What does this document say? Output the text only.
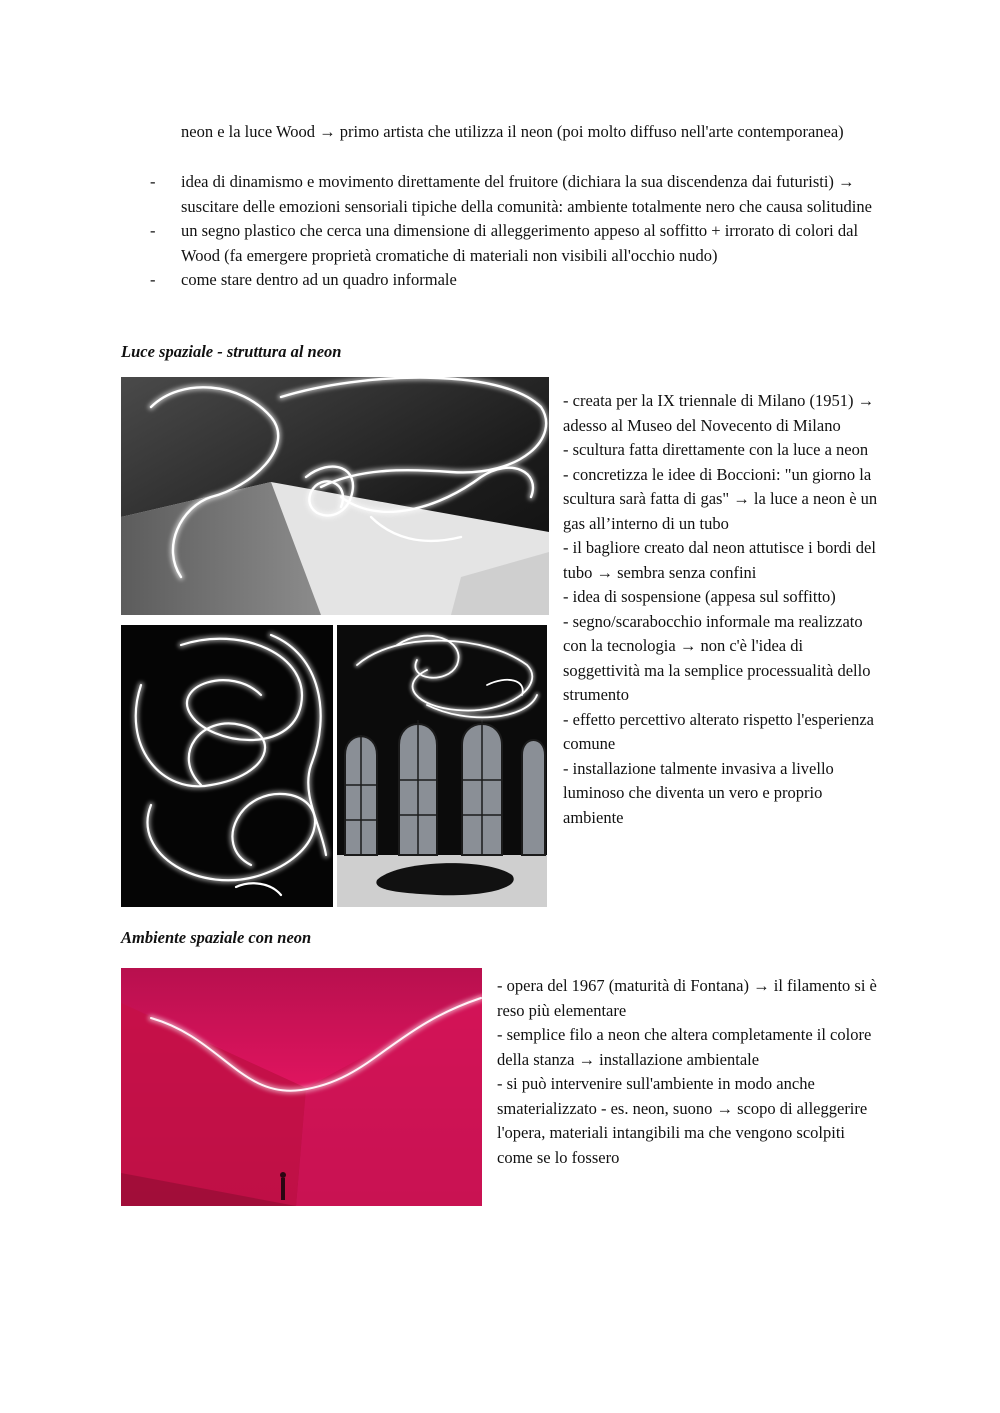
neon e la luce Wood → primo artista che utilizza il neon (poi molto diffuso nell'arte contemporanea)
- idea di dinamismo e movimento direttamente del fruitore (dichiara la sua discendenza dai futuristi) → suscitare delle emozioni sensoriali tipiche della comunità: ambiente totalmente nero che causa solitudine
- un segno plastico che cerca una dimensione di alleggerimento appeso al soffitto + irrorato di colori dal Wood (fa emergere proprietà cromatiche di materiali non visibili all'occhio nudo)
- come stare dentro ad un quadro informale
Luce spaziale - struttura al neon

- creata per la IX triennale di Milano (1951) → adesso al Museo del Novecento di Milano

- scultura fatta direttamente con la luce a neon

- concretizza le idee di Boccioni: "un giorno la scultura sarà fatta di gas" → la luce a neon è un gas all’interno di un tubo

- il bagliore creato dal neon attutisce i bordi del tubo → sembra senza confini

- idea di sospensione (appesa sul soffitto)

- segno/scarabocchio informale ma realizzato con la tecnologia → non c'è l'idea di soggettività ma la semplice processualità dello strumento

- effetto percettivo alterato rispetto l'esperienza comune

- installazione talmente invasiva a livello luminoso che diventa un vero e proprio ambiente

Ambiente spaziale con neon

- opera del 1967 (maturità di Fontana) → il filamento si è reso più elementare

- semplice filo a neon che altera completamente il colore della stanza → installazione ambientale

- si può intervenire sull'ambiente in modo anche smaterializzato - es. neon, suono → scopo di alleggerire l'opera, materiali intangibili ma che vengono scolpiti come se lo fossero
